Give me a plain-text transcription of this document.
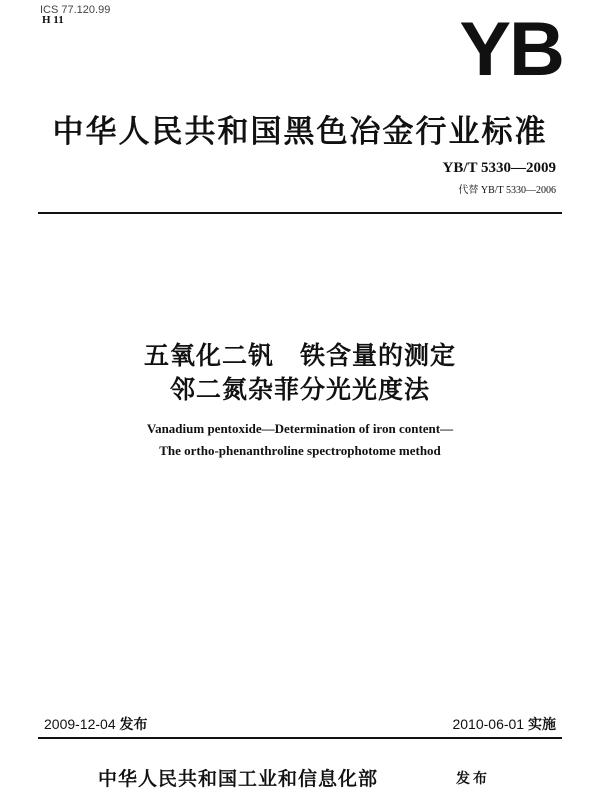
ICS 77.120.99
H 11	YB
中华人民共和国黑色冶金行业标准
YB/T 5330—2009
代替 YB/T 5330—2006
五氧化二钒　铁含量的测定
邻二氮杂菲分光光度法
Vanadium pentoxide—Determination of iron content—
The ortho-phenanthroline spectrophotome method
2009-12-04 发布	2010-06-01 实施
中华人民共和国工业和信息化部	发布
